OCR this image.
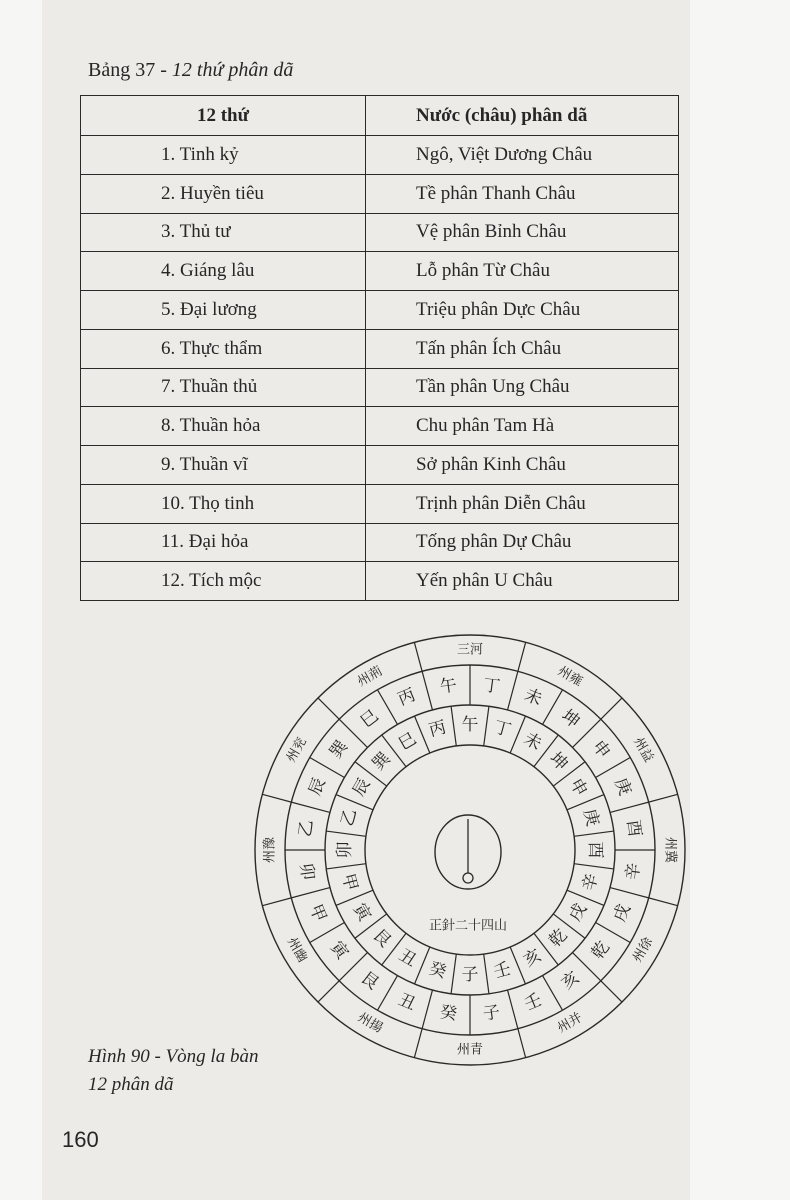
Bảng 37 - 12 thứ phân dã
12 thứ	Nước (châu) phân dã
1. Tinh kỷ	Ngô, Việt Dương Châu
2. Huyền tiêu	Tề phân Thanh Châu
3. Thủ tư	Vệ phân Bỉnh Châu
4. Giáng lâu	Lỗ phân Từ Châu
5. Đại lương	Triệu phân Dực Châu
6. Thực thẩm	Tấn phân Ích Châu
7. Thuần thủ	Tần phân Ung Châu
8. Thuần hỏa	Chu phân Tam Hà
9. Thuần vĩ	Sở phân Kinh Châu
10. Thọ tinh	Trịnh phân Diễn Châu
11. Đại hỏa	Tống phân Dự Châu
12. Tích mộc	Yến phân U Châu
三河
州雍
州益
州冀
州徐
州并
州青
州揚
州幽
州豫
州兖
州荊	午
午
丁
丁
未
未
坤
坤 申
申 庚
庚
酉
酉
辛
辛
戌
戌
乾
乾
亥
亥
壬
壬
子
子
癸
癸
丑
丑
艮
艮
寅
寅
甲
甲
卯
卯
乙
乙
辰 辰
巽 巽
巳
巳
丙
丙
正針二十四山
Hình 90 - Vòng la bàn
12 phân dã
160
